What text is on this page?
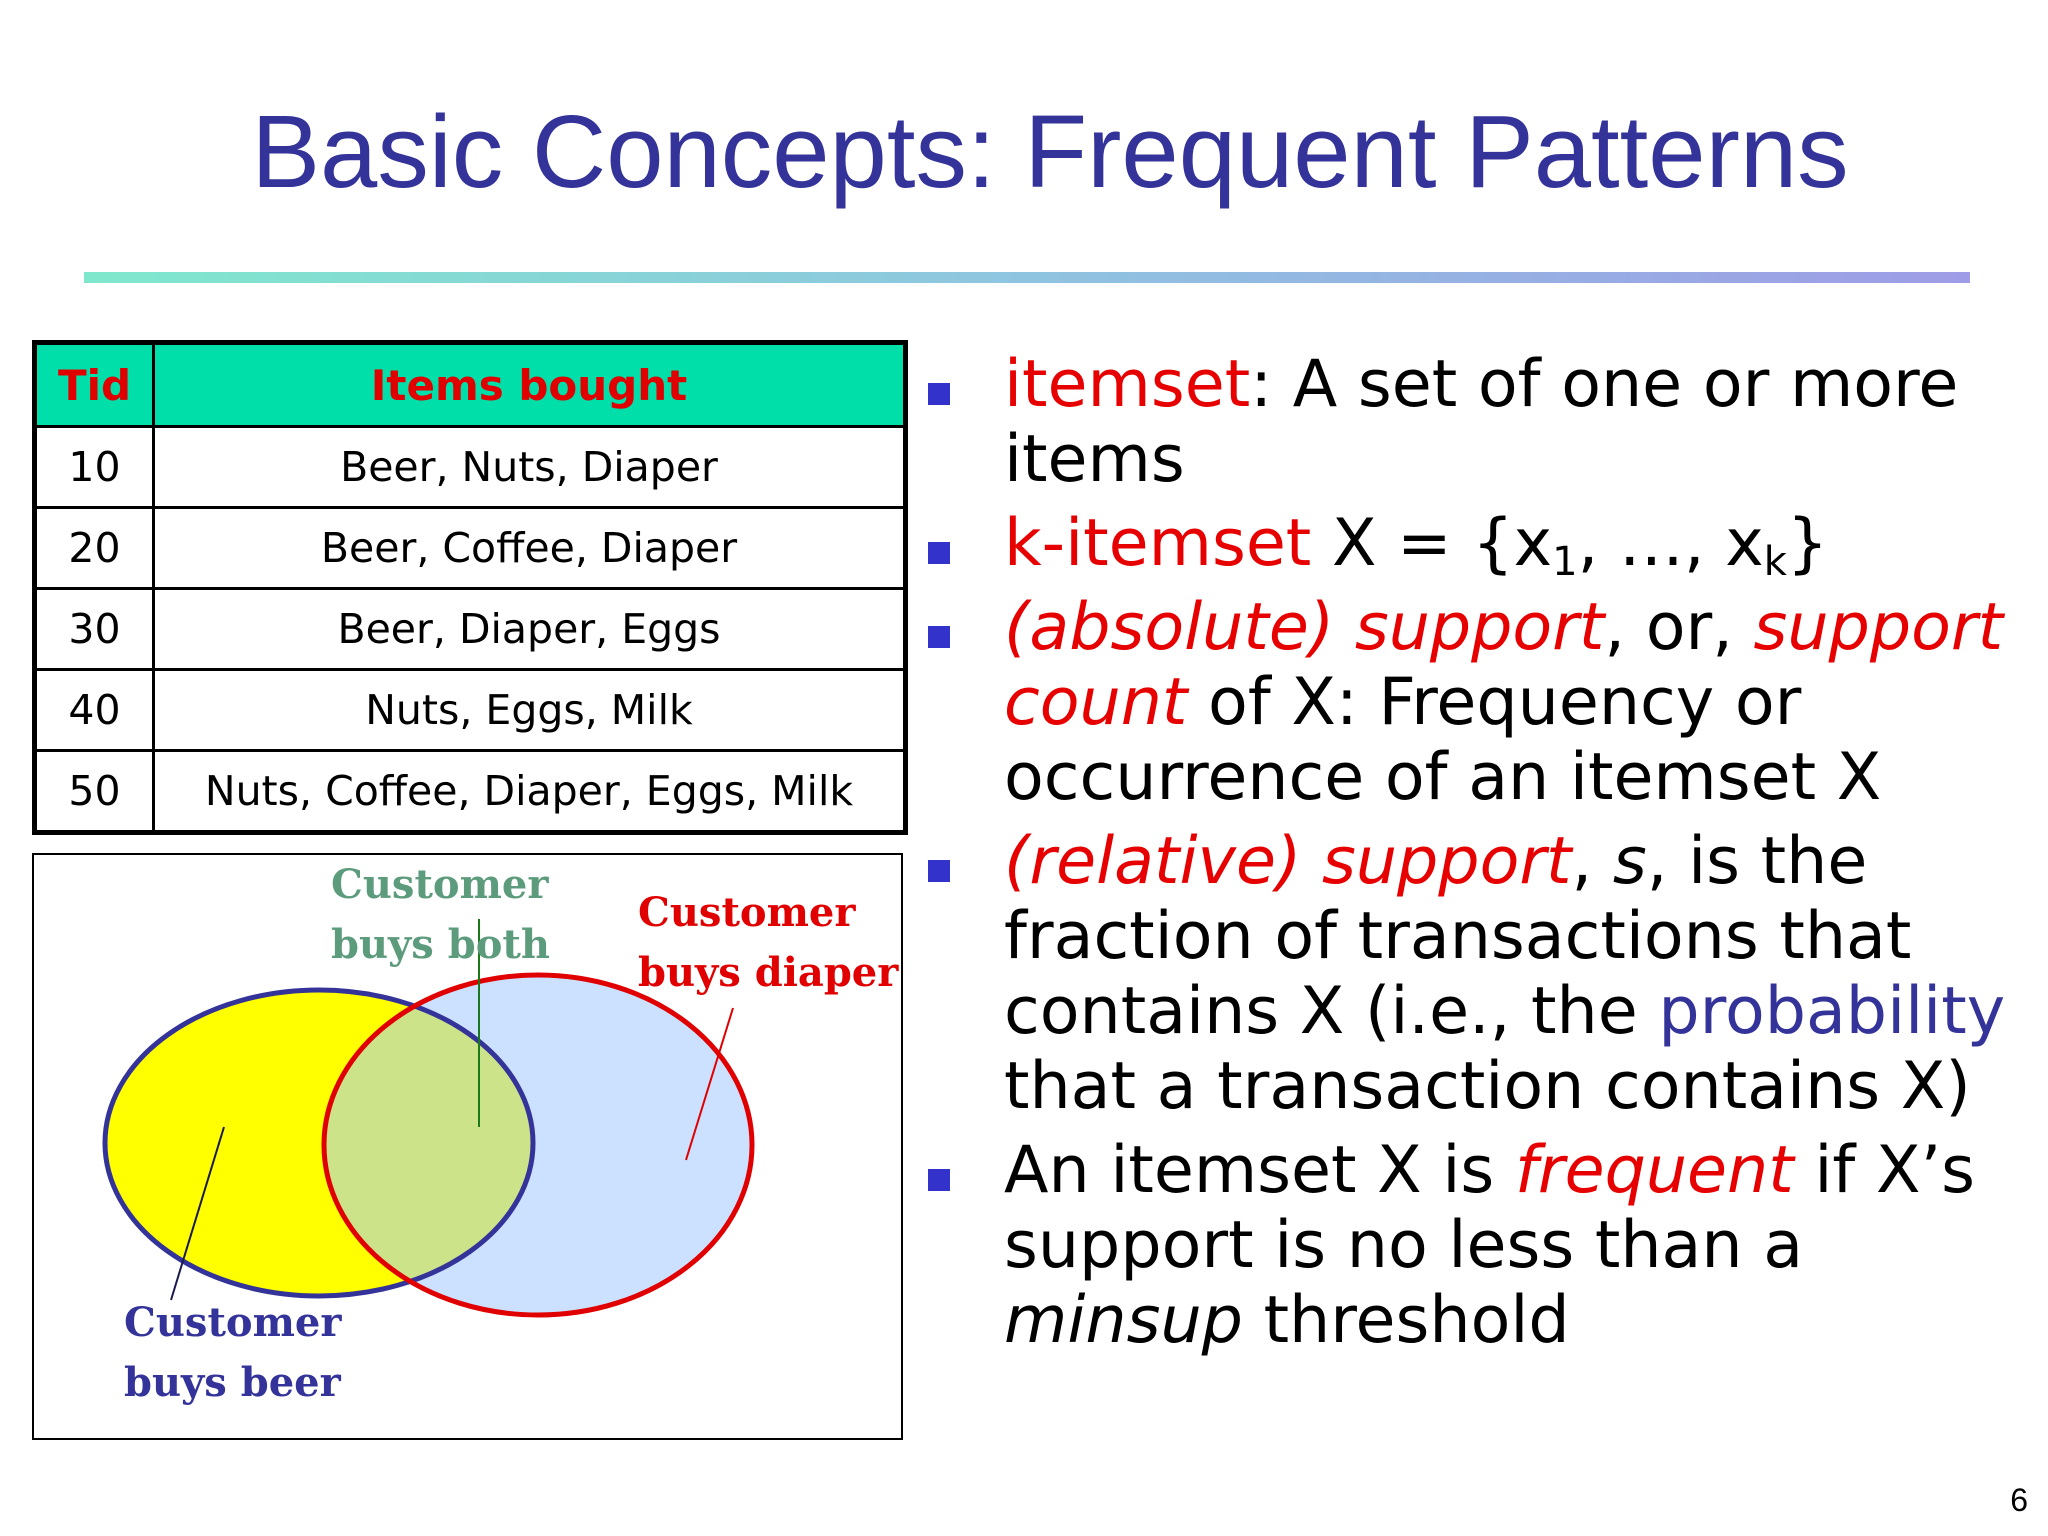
Basic Concepts: Frequent Patterns
Tid	Items bought
10	Beer, Nuts, Diaper
20	Beer, Coffee, Diaper
30	Beer, Diaper, Eggs
40	Nuts, Eggs, Milk
50	Nuts, Coffee, Diaper, Eggs, Milk
Customer
buys both
Customer
buys diaper
Customer
buys beer
itemset: A set of one or more items
k-itemset $X = \{x_1$, …, $x_k$}
(absolute) support, or, support count of X: Frequency or occurrence of an itemset X
(relative) support, s, is the fraction of transactions that contains X (i.e., the probability that a transaction contains X)
An itemset X is frequent if X’s support is no less than a minsup threshold
6
